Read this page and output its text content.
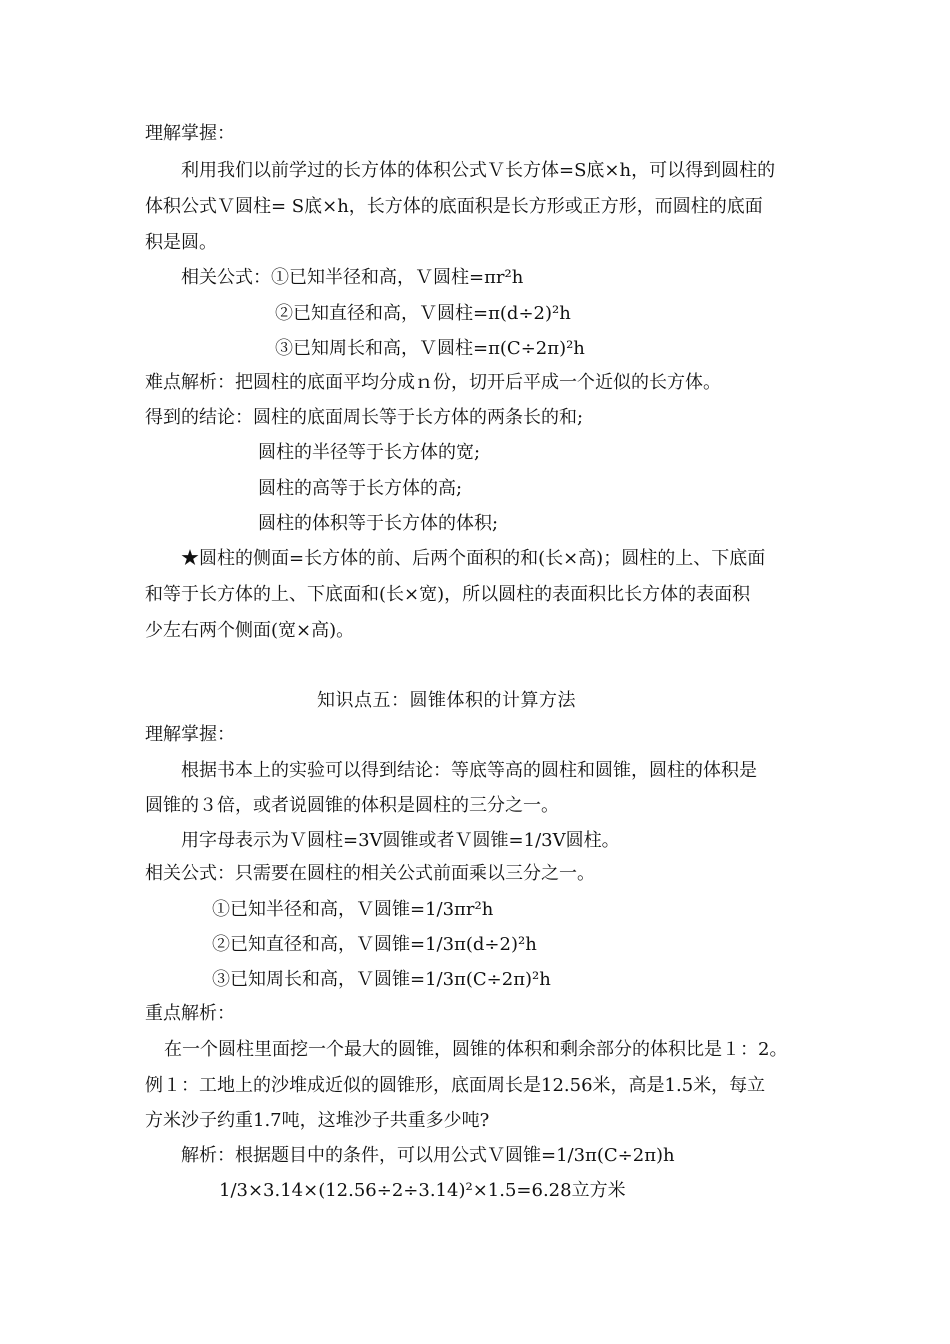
理解掌握：
利用我们以前学过的长方体的体积公式Ｖ长方体=S底×h，可以得到圆柱的
体积公式Ｖ圆柱= S底×h，长方体的底面积是长方形或正方形，而圆柱的底面
积是圆。
相关公式：①已知半径和高，Ｖ圆柱=πr²h
②已知直径和高，Ｖ圆柱=π(d÷2)²h
③已知周长和高，Ｖ圆柱=π(C÷2π)²h
难点解析：把圆柱的底面平均分成ｎ份，切开后平成一个近似的长方体。
得到的结论：圆柱的底面周长等于长方体的两条长的和;
圆柱的半径等于长方体的宽;
圆柱的高等于长方体的高;
圆柱的体积等于长方体的体积;
★圆柱的侧面=长方体的前、后两个面积的和(长×高)；圆柱的上、下底面
和等于长方体的上、下底面和(长×宽)，所以圆柱的表面积比长方体的表面积
少左右两个侧面(宽×高)。
知识点五：圆锥体积的计算方法
理解掌握：
根据书本上的实验可以得到结论：等底等高的圆柱和圆锥，圆柱的体积是
圆锥的３倍，或者说圆锥的体积是圆柱的三分之一。
用字母表示为Ｖ圆柱=3V圆锥或者Ｖ圆锥=1/3V圆柱。
相关公式：只需要在圆柱的相关公式前面乘以三分之一。
①已知半径和高，Ｖ圆锥=1/3πr²h
②已知直径和高，Ｖ圆锥=1/3π(d÷2)²h
③已知周长和高，Ｖ圆锥=1/3π(C÷2π)²h
重点解析：
在一个圆柱里面挖一个最大的圆锥，圆锥的体积和剩余部分的体积比是１：2。
例１：工地上的沙堆成近似的圆锥形，底面周长是12.56米，高是1.5米，每立
方米沙子约重1.7吨，这堆沙子共重多少吨?
解析：根据题目中的条件，可以用公式Ｖ圆锥=1/3π(C÷2π)h
1/3×3.14×(12.56÷2÷3.14)²×1.5=6.28立方米
